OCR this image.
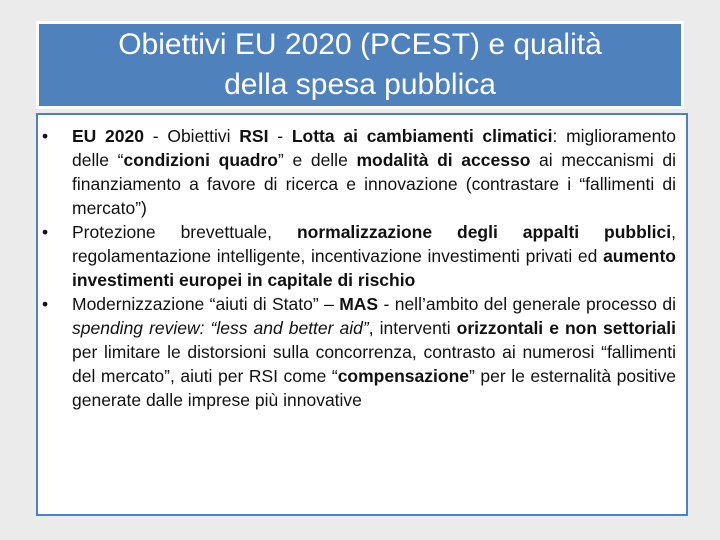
Obiettivi EU 2020 (PCEST) e qualità
della spesa pubblica
• EU 2020 - Obiettivi RSI - Lotta ai cambiamenti climatici: miglioramento delle “condizioni quadro” e delle modalità di accesso ai meccanismi di finanziamento a favore di ricerca e innovazione (contrastare i “fallimenti di mercato”)
• Protezione brevettuale, normalizzazione degli appalti pubblici, regolamentazione intelligente, incentivazione investimenti privati ed aumento investimenti europei in capitale di rischio
• Modernizzazione “aiuti di Stato” – MAS - nell’ambito del generale processo di spending review: “less and better aid”, interventi orizzontali e non settoriali per limitare le distorsioni sulla concorrenza, contrasto ai numerosi “fallimenti del mercato”, aiuti per RSI come “compensazione” per le esternalità positive generate dalle imprese più innovative
